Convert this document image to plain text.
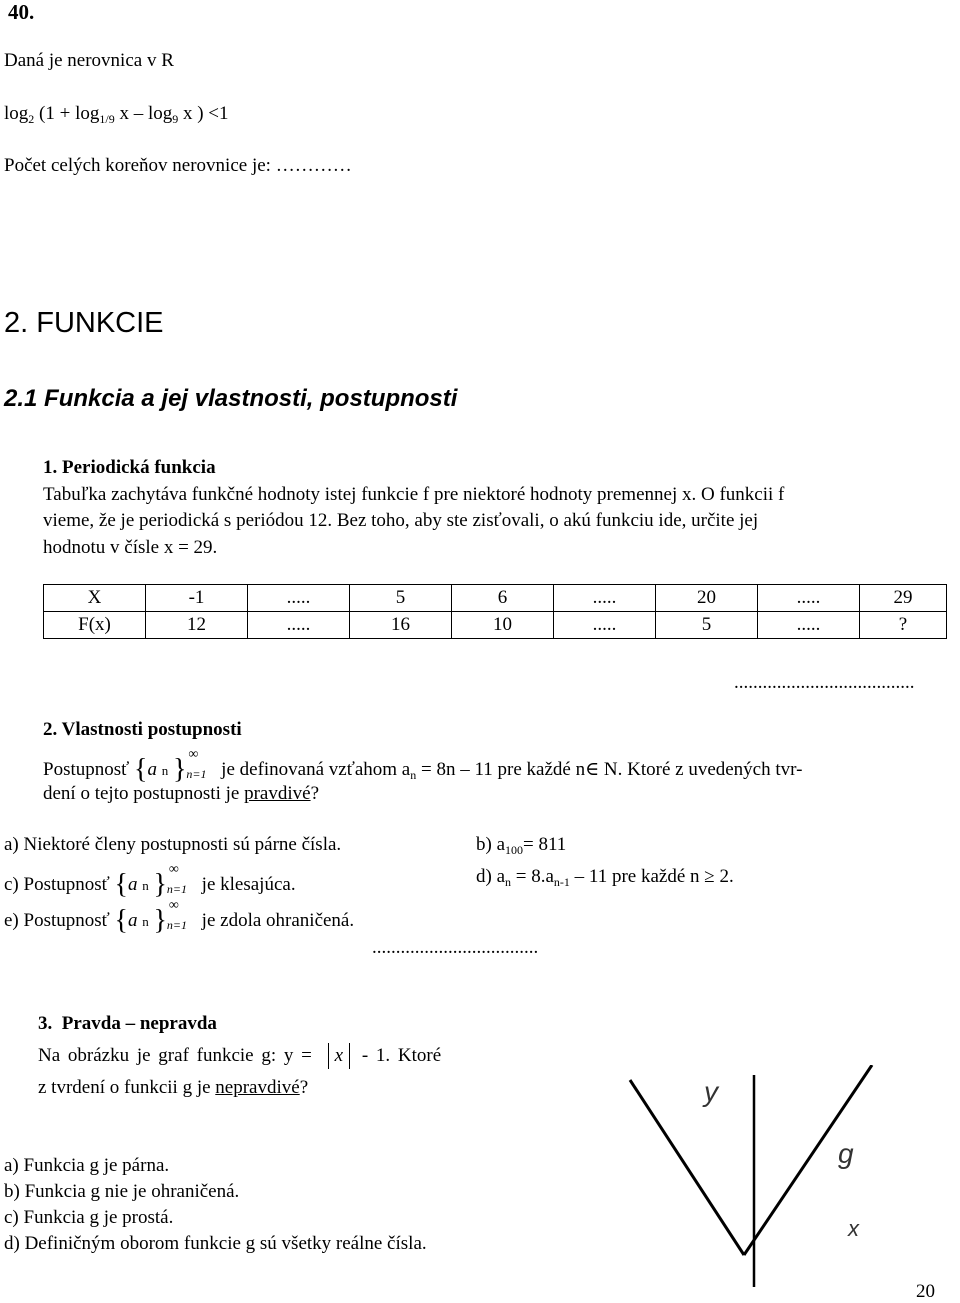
40.
Daná je nerovnica v R
$\log_2 (1 + \log_{1/9} x - \log_9 x$ ) <1
Počet celých koreňov nerovnice je: …………
2. FUNKCIE
2.1 Funkcia a jej vlastnosti, postupnosti
1. Periodická funkcia
Tabuľka zachytáva funkčné hodnoty istej funkcie f pre niektoré hodnoty premennej x. O funkcii f
vieme, že je periodická s periódou 12. Bez toho, aby ste zisťovali, o akú funkciu ide, určite jej
hodnotu v čísle x = 29.
X	-1	.....	5	6	.....	20	.....	29
F(x)	12	.....	16	10	.....	5	.....	?
......................................
2. Vlastnosti postupnosti
Postupnosť {a n } ∞
n=1 je definovaná vzťahom $a_n = 8n - 11$ pre každé n∈ N. Ktoré z uvedených tvr-
dení o tejto postupnosti je pravdivé?
a) Niektoré členy postupnosti sú párne čísla.	b) $a_{100}= 811$
c) Postupnosť {a n } ∞
n=1 je klesajúca.	d) $a_n = 8.a_{n-1} - 11$ pre každé n ≥ 2.
e) Postupnosť {a n } ∞
n=1 je zdola ohraničená.
...................................
3. Pravda – nepravda
Na obrázku je graf funkcie g: y = x - 1. Ktoré
z tvrdení o funkcii g je nepravdivé?
a) Funkcia g je párna.
b) Funkcia g nie je ohraničená.
c) Funkcia g je prostá.
d) Definičným oborom funkcie g sú všetky reálne čísla.
y
g
x
20
